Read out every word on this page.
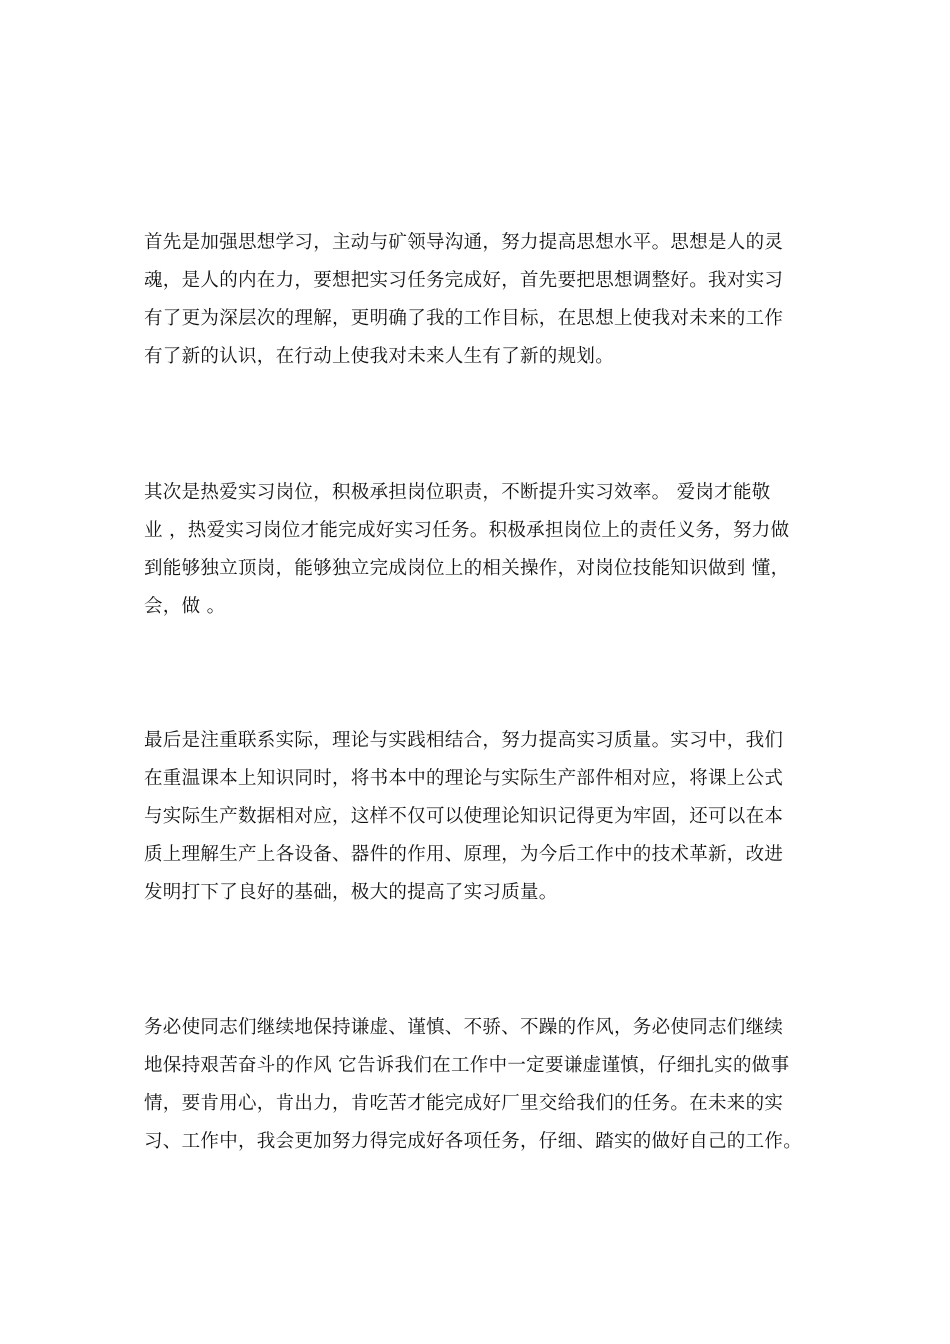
首先是加强思想学习，主动与矿领导沟通，努力提高思想水平。思想是人的灵
魂，是人的内在力，要想把实习任务完成好，首先要把思想调整好。我对实习
有了更为深层次的理解，更明确了我的工作目标，在思想上使我对未来的工作
有了新的认识，在行动上使我对未来人生有了新的规划。
其次是热爱实习岗位，积极承担岗位职责，不断提升实习效率。 爱岗才能敬
业 ，热爱实习岗位才能完成好实习任务。积极承担岗位上的责任义务，努力做
到能够独立顶岗，能够独立完成岗位上的相关操作，对岗位技能知识做到 懂，
会，做 。
最后是注重联系实际，理论与实践相结合，努力提高实习质量。实习中，我们
在重温课本上知识同时，将书本中的理论与实际生产部件相对应，将课上公式
与实际生产数据相对应，这样不仅可以使理论知识记得更为牢固，还可以在本
质上理解生产上各设备、器件的作用、原理，为今后工作中的技术革新，改进
发明打下了良好的基础，极大的提高了实习质量。
务必使同志们继续地保持谦虚、谨慎、不骄、不躁的作风，务必使同志们继续
地保持艰苦奋斗的作风 它告诉我们在工作中一定要谦虚谨慎，仔细扎实的做事
情，要肯用心，肯出力，肯吃苦才能完成好厂里交给我们的任务。在未来的实
习、工作中，我会更加努力得完成好各项任务，仔细、踏实的做好自己的工作。
